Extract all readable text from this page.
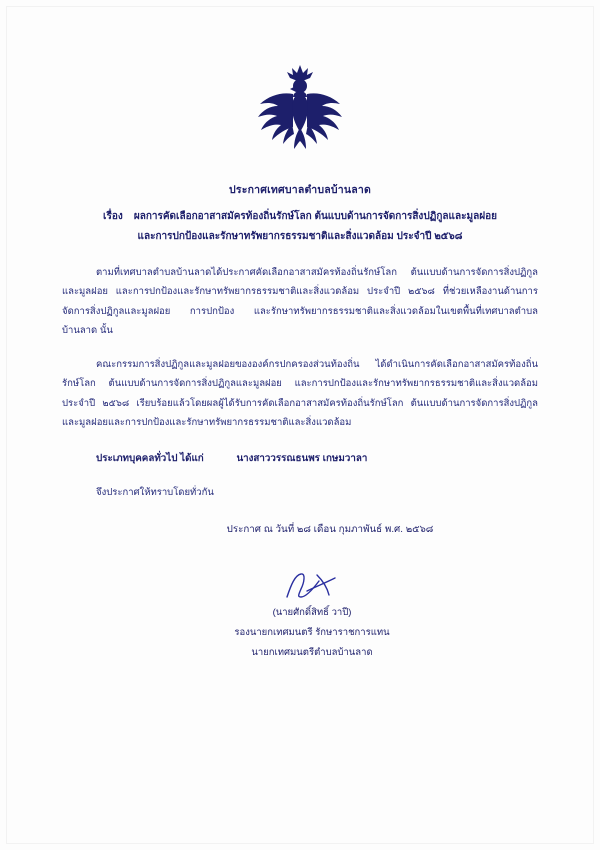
ประกาศเทศบาลตำบลบ้านลาด
เรื่อง ผลการคัดเลือกอาสาสมัครท้องถิ่นรักษ์โลก ต้นแบบด้านการจัดการสิ่งปฏิกูลและมูลฝอย
และการปกป้องและรักษาทรัพยากรธรรมชาติและสิ่งแวดล้อม ประจำปี ๒๕๖๘

ตามที่เทศบาลตำบลบ้านลาดได้ประกาศคัดเลือกอาสาสมัครท้องถิ่นรักษ์โลก ต้นแบบด้านการจัดการสิ่งปฏิกูลและมูลฝอย และการปกป้องและรักษาทรัพยากรธรรมชาติและสิ่งแวดล้อม ประจำปี ๒๕๖๘ ที่ช่วยเหลืองานด้านการจัดการสิ่งปฏิกูลและมูลฝอย การปกป้อง และรักษาทรัพยากรธรรมชาติและสิ่งแวดล้อมในเขตพื้นที่เทศบาลตำบลบ้านลาด นั้น

คณะกรรมการสิ่งปฏิกูลและมูลฝอยขององค์กรปกครองส่วนท้องถิ่น ได้ดำเนินการคัดเลือกอาสาสมัครท้องถิ่นรักษ์โลก ต้นแบบด้านการจัดการสิ่งปฏิกูลและมูลฝอย และการปกป้องและรักษาทรัพยากรธรรมชาติและสิ่งแวดล้อม ประจำปี ๒๕๖๘ เรียบร้อยแล้วโดยผลผู้ได้รับการคัดเลือกอาสาสมัครท้องถิ่นรักษ์โลก ต้นแบบด้านการจัดการสิ่งปฏิกูลและมูลฝอยและการปกป้องและรักษาทรัพยากรธรรมชาติและสิ่งแวดล้อม

ประเภทบุคคลทั่วไป ได้แก่	นางสาววรรณธนพร เกษมวาลา
จึงประกาศให้ทราบโดยทั่วกัน
ประกาศ ณ วันที่ ๒๘ เดือน กุมภาพันธ์ พ.ศ. ๒๕๖๘
(นายศักดิ์สิทธิ์ วาปี)
รองนายกเทศมนตรี รักษาราชการแทน
นายกเทศมนตรีตำบลบ้านลาด
